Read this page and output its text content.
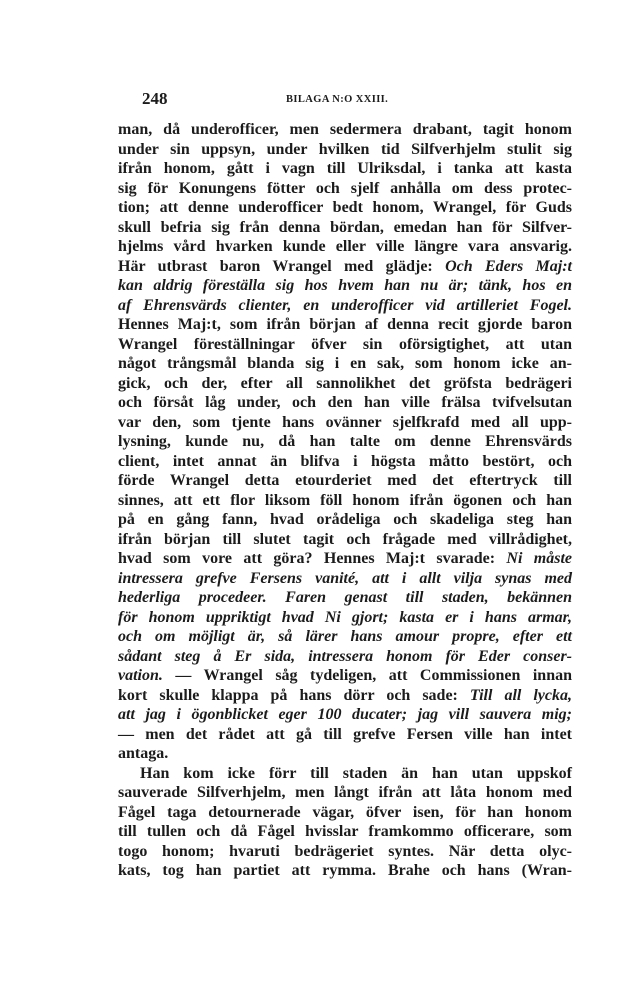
248	BILAGA N:O XXIII.
man, då underofficer, men sedermera drabant, tagit honom
under sin uppsyn, under hvilken tid Silfverhjelm stulit sig
ifrån honom, gått i vagn till Ulriksdal, i tanka att kasta
sig för Konungens fötter och sjelf anhålla om dess protec-
tion; att denne underofficer bedt honom, Wrangel, för Guds
skull befria sig från denna bördan, emedan han för Silfver-
hjelms vård hvarken kunde eller ville längre vara ansvarig.
Här utbrast baron Wrangel med glädje: Och Eders Maj:t
kan aldrig föreställa sig hos hvem han nu är; tänk, hos en
af Ehrensvärds clienter, en underofficer vid artilleriet Fogel.
Hennes Maj:t, som ifrån början af denna recit gjorde baron
Wrangel föreställningar öfver sin oförsigtighet, att utan
något trångsmål blanda sig i en sak, som honom icke an-
gick, och der, efter all sannolikhet det gröfsta bedrägeri
och försåt låg under, och den han ville frälsa tvifvelsutan
var den, som tjente hans ovänner sjelfkrafd med all upp-
lysning, kunde nu, då han talte om denne Ehrensvärds
client, intet annat än blifva i högsta måtto bestört, och
förde Wrangel detta etourderiet med det eftertryck till
sinnes, att ett flor liksom föll honom ifrån ögonen och han
på en gång fann, hvad orådeliga och skadeliga steg han
ifrån början till slutet tagit och frågade med villrådighet,
hvad som vore att göra? Hennes Maj:t svarade: Ni måste
intressera grefve Fersens vanité, att i allt vilja synas med
hederliga procedeer. Faren genast till staden, bekännen
för honom uppriktigt hvad Ni gjort; kasta er i hans armar,
och om möjligt är, så lärer hans amour propre, efter ett
sådant steg å Er sida, intressera honom för Eder conser-
vation. — Wrangel såg tydeligen, att Commissionen innan
kort skulle klappa på hans dörr och sade: Till all lycka,
att jag i ögonblicket eger 100 ducater; jag vill sauvera mig;
— men det rådet att gå till grefve Fersen ville han intet
antaga.
Han kom icke förr till staden än han utan uppskof
sauverade Silfverhjelm, men långt ifrån att låta honom med
Fågel taga detournerade vägar, öfver isen, för han honom
till tullen och då Fågel hvisslar framkommo officerare, som
togo honom; hvaruti bedrägeriet syntes. När detta olyc-
kats, tog han partiet att rymma. Brahe och hans (Wran-
